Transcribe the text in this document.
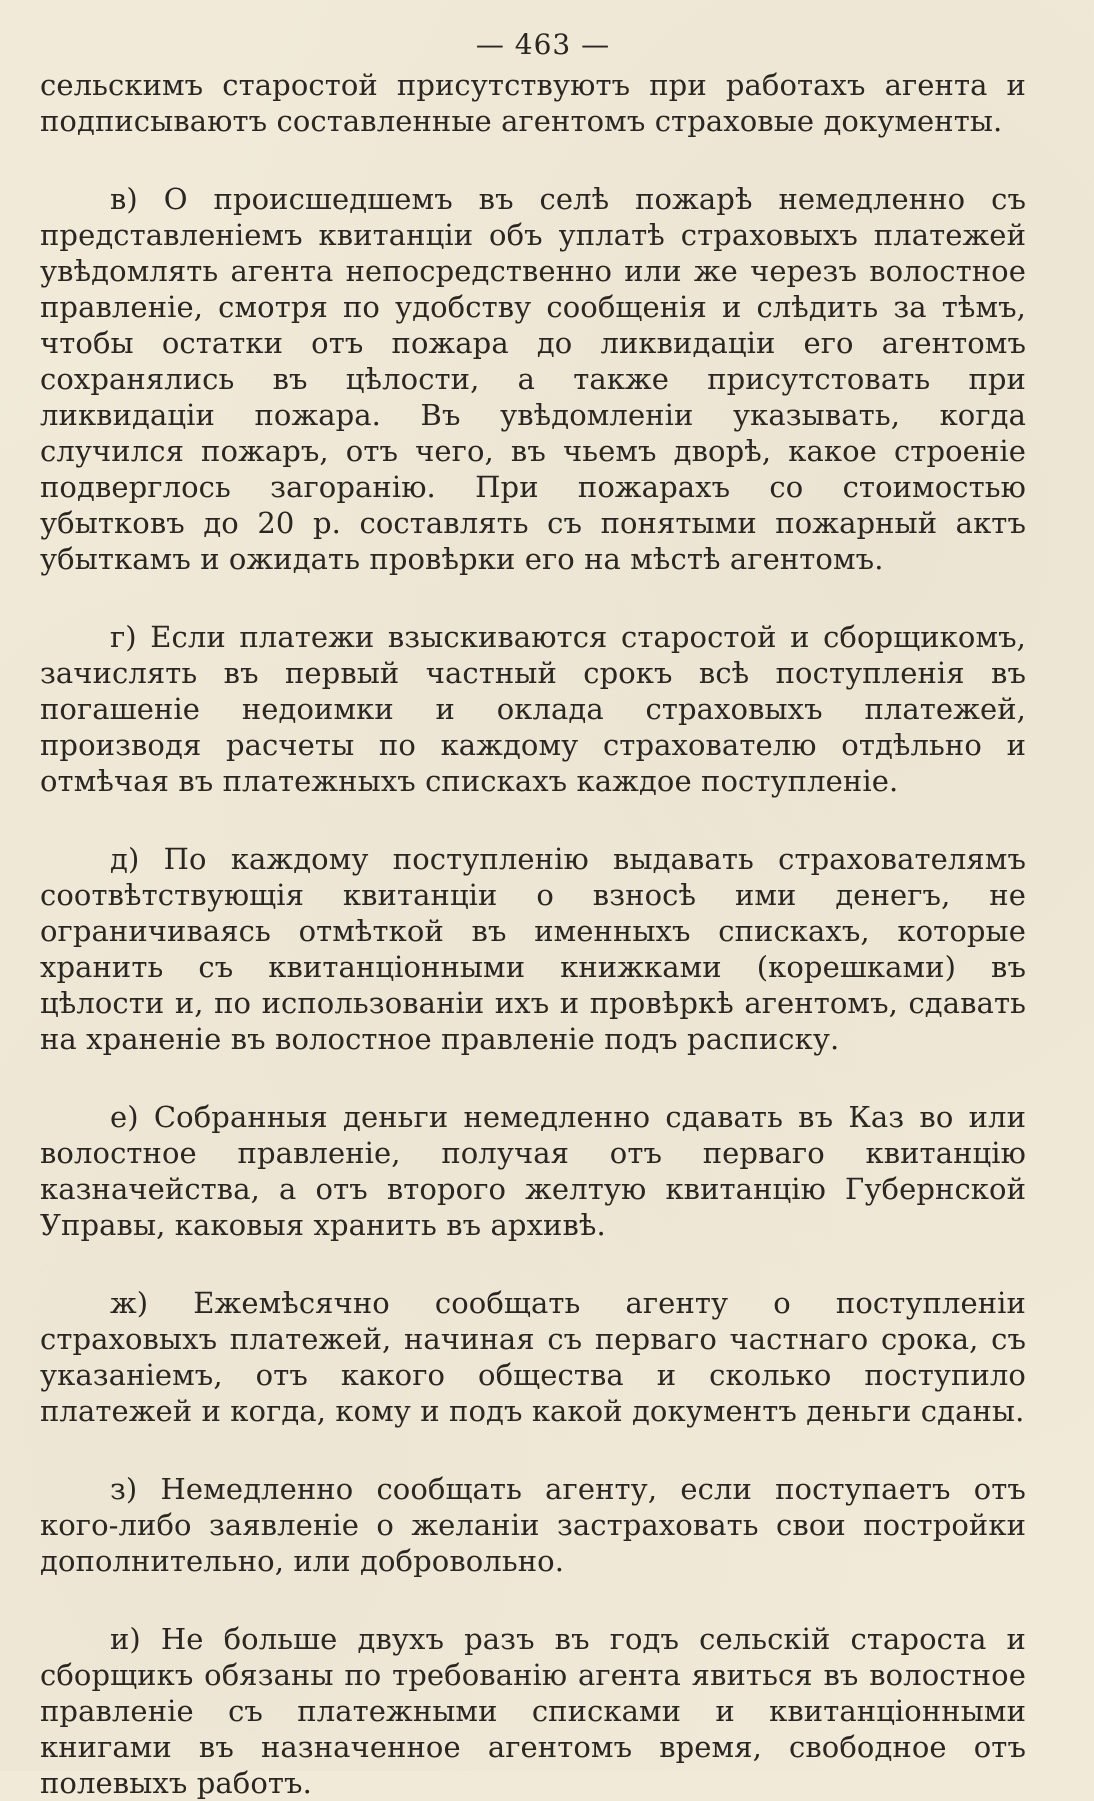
— 463 —

сельскимъ старостой присутствуютъ при работахъ агента и подписываютъ составленные агентомъ страховые документы.

в) О происшедшемъ въ селѣ пожарѣ немедленно съ представленіемъ квитанціи объ уплатѣ страховыхъ платежей увѣдомлять агента непосредственно или же черезъ волостное правленіе, смотря по удобству сообщенія и слѣдить за тѣмъ, чтобы остатки отъ пожара до ликвидаціи его агентомъ сохранялись въ цѣлости, а также присутстовать при ликвидаціи пожара. Въ увѣдомленіи указывать, когда случился пожаръ, отъ чего, въ чьемъ дворѣ, какое строеніе подверглось загоранію. При пожарахъ со стоимостью убытковъ до 20 р. составлять съ понятыми пожарный актъ убыткамъ и ожидать провѣрки его на мѣстѣ агентомъ.

г) Если платежи взыскиваются старостой и сборщикомъ, зачислять въ первый частный срокъ всѣ поступленія въ погашеніе недоимки и оклада страховыхъ платежей, производя расчеты по каждому страхователю отдѣльно и отмѣчая въ платежныхъ спискахъ каждое поступленіе.

д) По каждому поступленію выдавать страхователямъ соотвѣтствующія квитанціи о взносѣ ими денегъ, не ограничиваясь отмѣткой въ именныхъ спискахъ, которые хранить съ квитанціонными книжками (корешками) въ цѣлости и, по использованіи ихъ и провѣркѣ агентомъ, сдавать на храненіе въ волостное правленіе подъ расписку.

е) Собранныя деньги немедленно сдавать въ Каз во или волостное правленіе, получая отъ перваго квитанцію казначейства, а отъ второго желтую квитанцію Губернской Управы, каковыя хранить въ архивѣ.

ж) Ежемѣсячно сообщать агенту о поступленіи страховыхъ платежей, начиная съ перваго частнаго срока, съ указаніемъ, отъ какого общества и сколько поступило платежей и когда, кому и подъ какой документъ деньги сданы.

з) Немедленно сообщать агенту, если поступаетъ отъ кого-либо заявленіе о желаніи застраховать свои постройки дополнительно, или добровольно.

и) Не больше двухъ разъ въ годъ сельскій староста и сборщикъ обязаны по требованію агента явиться въ волостное правленіе съ платежными списками и квитанціонными книгами въ назначенное агентомъ время, свободное отъ полевыхъ работъ.
